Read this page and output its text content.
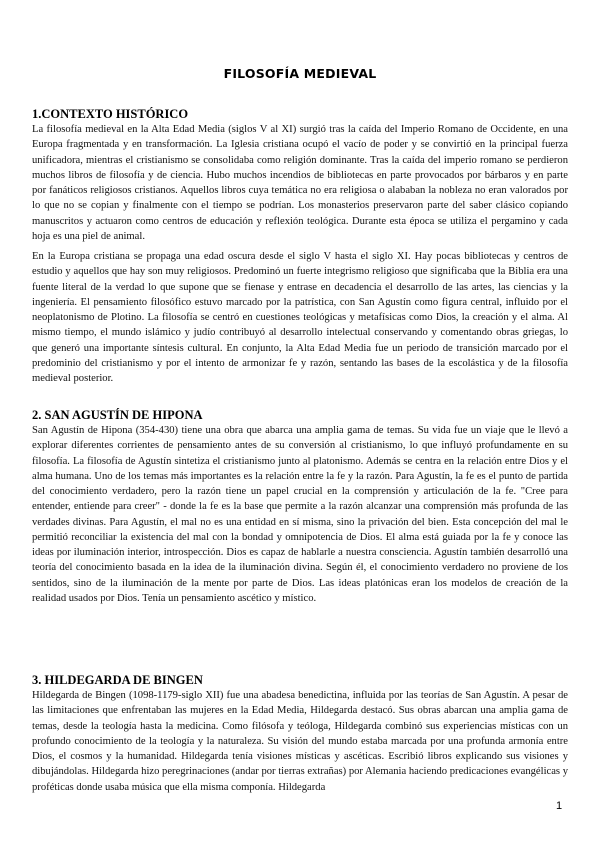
FILOSOFÍA MEDIEVAL
1.CONTEXTO HISTÓRICO

La filosofía medieval en la Alta Edad Media (siglos V al XI) surgió tras la caída del Imperio Romano de Occidente, en una Europa fragmentada y en transformación. La Iglesia cristiana ocupó el vacío de poder y se convirtió en la principal fuerza unificadora, mientras el cristianismo se consolidaba como religión dominante. Tras la caída del imperio romano se perdieron muchos libros de filosofía y de ciencia. Hubo muchos incendios de bibliotecas en parte provocados por bárbaros y en parte por fanáticos religiosos cristianos. Aquellos libros cuya temática no era religiosa o alababan la nobleza no eran valorados por lo que no se copian y finalmente con el tiempo se podrían. Los monasterios preservaron parte del saber clásico copiando manuscritos y actuaron como centros de educación y reflexión teológica. Durante esta época se utiliza el pergamino y cada hoja es una piel de animal.

En la Europa cristiana se propaga una edad oscura desde el siglo V hasta el siglo XI. Hay pocas bibliotecas y centros de estudio y aquellos que hay son muy religiosos. Predominó un fuerte integrismo religioso que significaba que la Biblia era una fuente literal de la verdad lo que supone que se fienase y entrase en decadencia el desarrollo de las artes, las ciencias y la ingeniería. El pensamiento filosófico estuvo marcado por la patrística, con San Agustín como figura central, influido por el neoplatonismo de Plotino. La filosofía se centró en cuestiones teológicas y metafísicas como Dios, la creación y el alma. Al mismo tiempo, el mundo islámico y judío contribuyó al desarrollo intelectual conservando y comentando obras griegas, lo que generó una importante síntesis cultural. En conjunto, la Alta Edad Media fue un periodo de transición marcado por el predominio del cristianismo y por el intento de armonizar fe y razón, sentando las bases de la escolástica y de la filosofía medieval posterior.

2. SAN AGUSTÍN DE HIPONA

San Agustín de Hipona (354-430) tiene una obra que abarca una amplia gama de temas. Su vida fue un viaje que le llevó a explorar diferentes corrientes de pensamiento antes de su conversión al cristianismo, lo que influyó profundamente en su filosofía. La filosofía de Agustín sintetiza el cristianismo junto al platonismo. Además se centra en la relación entre Dios y el alma humana. Uno de los temas más importantes es la relación entre la fe y la razón. Para Agustín, la fe es el punto de partida del conocimiento verdadero, pero la razón tiene un papel crucial en la comprensión y articulación de la fe. "Cree para entender, entiende para creer" - donde la fe es la base que permite a la razón alcanzar una comprensión más profunda de las verdades divinas. Para Agustín, el mal no es una entidad en sí misma, sino la privación del bien. Esta concepción del mal le permitió reconciliar la existencia del mal con la bondad y omnipotencia de Dios. El alma está guiada por la fe y conoce las ideas por iluminación interior, introspección. Dios es capaz de hablarle a nuestra consciencia. Agustín también desarrolló una teoría del conocimiento basada en la idea de la iluminación divina. Según él, el conocimiento verdadero no proviene de los sentidos, sino de la iluminación de la mente por parte de Dios. Las ideas platónicas eran los modelos de creación de la realidad usados por Dios. Tenía un pensamiento ascético y místico.

3. HILDEGARDA DE BINGEN

Hildegarda de Bingen (1098-1179-siglo XII) fue una abadesa benedictina, influida por las teorías de San Agustín. A pesar de las limitaciones que enfrentaban las mujeres en la Edad Media, Hildegarda destacó. Sus obras abarcan una amplia gama de temas, desde la teología hasta la medicina. Como filósofa y teóloga, Hildegarda combinó sus experiencias místicas con un profundo conocimiento de la teología y la naturaleza. Su visión del mundo estaba marcada por una profunda armonía entre Dios, el cosmos y la humanidad. Hildegarda tenía visiones místicas y ascéticas. Escribió libros explicando sus visiones y dibujándolas. Hildegarda hizo peregrinaciones (andar por tierras extrañas) por Alemania haciendo predicaciones evangélicas y proféticas donde usaba música que ella misma componía. Hildegarda

1
